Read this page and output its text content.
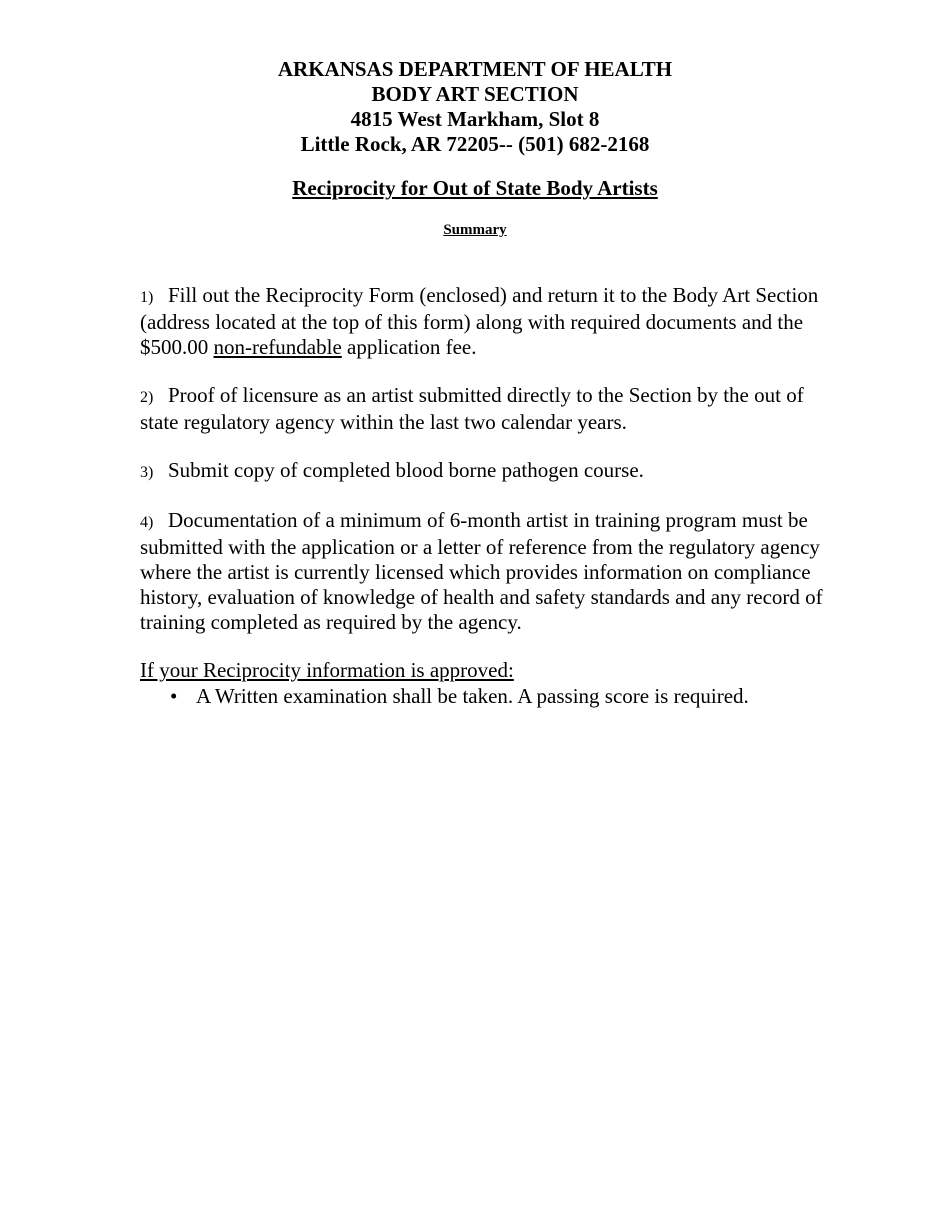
ARKANSAS DEPARTMENT OF HEALTH
BODY ART SECTION
4815 West Markham, Slot 8
Little Rock, AR 72205-- (501) 682-2168
Reciprocity for Out of State Body Artists
Summary
1) Fill out the Reciprocity Form (enclosed) and return it to the Body Art Section (address located at the top of this form) along with required documents and the $500.00 non-refundable application fee.
2) Proof of licensure as an artist submitted directly to the Section by the out of state regulatory agency within the last two calendar years.
3) Submit copy of completed blood borne pathogen course.
4) Documentation of a minimum of 6-month artist in training program must be submitted with the application or a letter of reference from the regulatory agency where the artist is currently licensed which provides information on compliance history, evaluation of knowledge of health and safety standards and any record of training completed as required by the agency.
If your Reciprocity information is approved:
• A Written examination shall be taken. A passing score is required.
